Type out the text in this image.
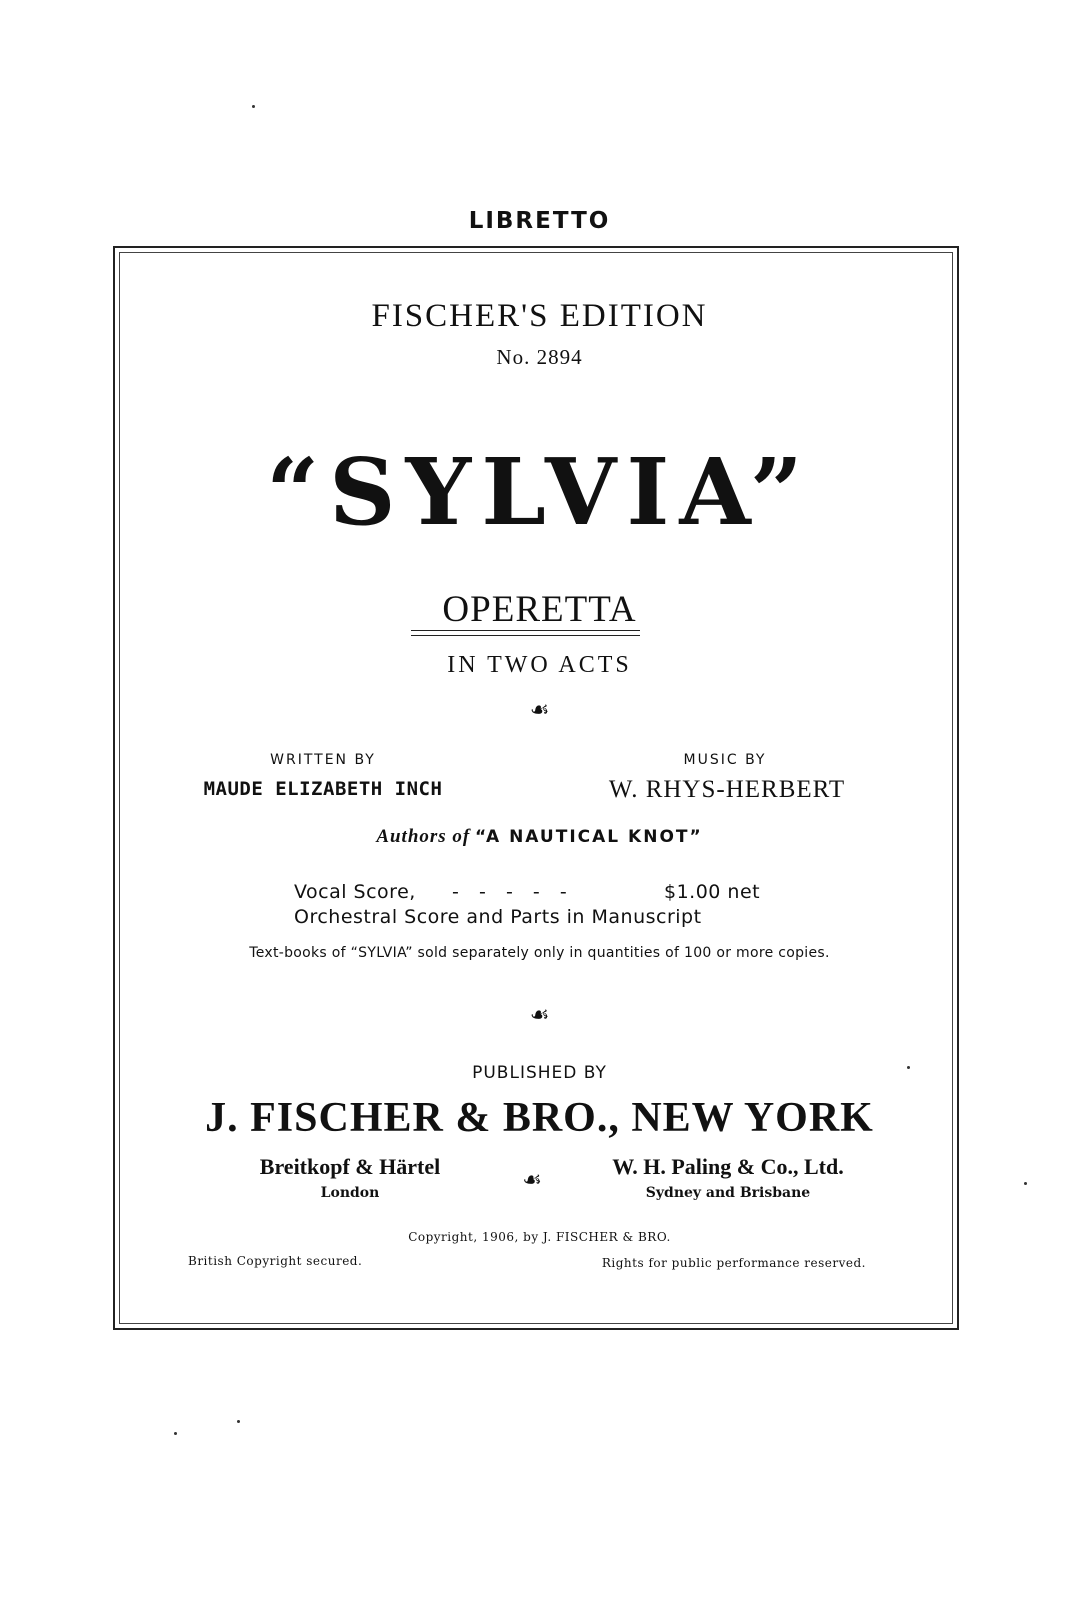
LIBRETTO
FISCHER'S EDITION
No. 2894
“SYLVIA”
OPERETTA
IN TWO ACTS
☙
WRITTEN BY
MAUDE ELIZABETH INCH
MUSIC BY
W. RHYS-HERBERT
Authors of “A NAUTICAL KNOT”
Vocal Score, -   -   -   -   -	$1.00 net
Orchestral Score and Parts in Manuscript
Text-books of “SYLVIA” sold separately only in quantities of 100 or more copies.
☙
PUBLISHED BY
J. FISCHER & BRO., NEW YORK
Breitkopf & Härtel
London	☙
W. H. Paling & Co., Ltd.
Sydney and Brisbane
Copyright, 1906, by J. FISCHER & BRO.
British Copyright secured.	Rights for public performance reserved.
